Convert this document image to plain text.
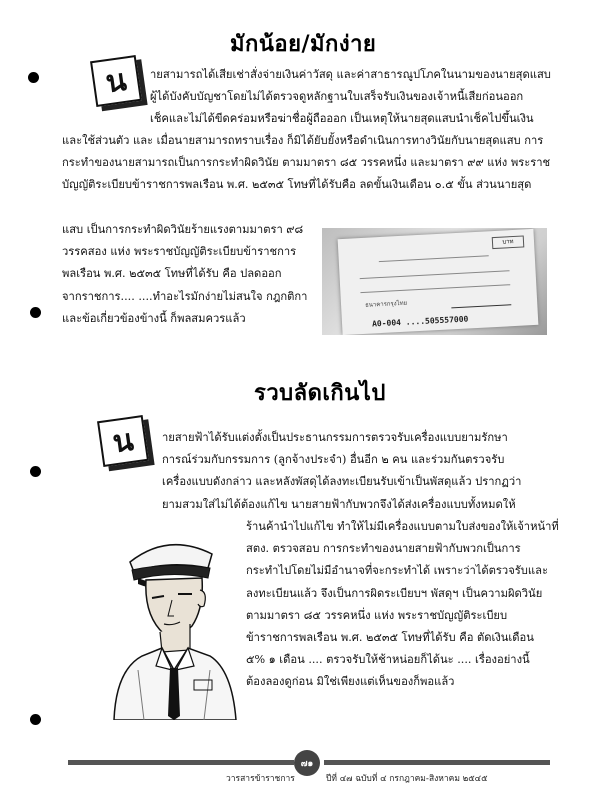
มักน้อย/มักง่าย
น	ายสามารถได้เสียเช่าสั่งจ่ายเงินค่าวัสดุ และค่าสาธารณูปโภคในนามของนายสุดแสบ
ผู้ได้บังคับบัญชาโดยไม่ได้ตรวจดูหลักฐานใบเสร็จรับเงินของเจ้าหนี้เสียก่อนออก
เช็คและไม่ได้ขีดคร่อมหรือฆ่าชื่อผู้ถือออก เป็นเหตุให้นายสุดแสบนำเช็คไปขึ้นเงิน
และใช้ส่วนตัว และ เมื่อนายสามารถทราบเรื่อง ก็มิได้ยับยั้งหรือดำเนินการทางวินัยกับนายสุดแสบ การ
กระทำของนายสามารถเป็นการกระทำผิดวินัย ตามมาตรา ๘๕ วรรคหนึ่ง และมาตรา ๙๙ แห่ง พระราช
บัญญัติระเบียบข้าราชการพลเรือน พ.ศ. ๒๕๓๕ โทษที่ได้รับคือ ลดขั้นเงินเดือน ๐.๕ ขั้น ส่วนนายสุด
แสบ เป็นการกระทำผิดวินัยร้ายแรงตามมาตรา ๙๘
วรรคสอง แห่ง พระราชบัญญัติระเบียบข้าราชการ
พลเรือน พ.ศ. ๒๕๓๕ โทษที่ได้รับ คือ ปลดออก
จากราชการ.... ....ทำอะไรมักง่ายไม่สนใจ กฎกติกา
และข้อเกี่ยวข้องข้างนี้ ก็พลสมควรแล้ว
บาท
ธนาคารกรุงไทย
A0-004 ....505557000
รวบลัดเกินไป
น	ายสายฟ้าได้รับแต่งตั้งเป็นประธานกรรมการตรวจรับเครื่องแบบยามรักษา
การณ์ร่วมกับกรรมการ (ลูกจ้างประจำ) อื่นอีก ๒ คน และร่วมกันตรวจรับ
เครื่องแบบดังกล่าว และหลังพัสดุได้ลงทะเบียนรับเข้าเป็นพัสดุแล้ว ปรากฏว่า
ยามสวมใส่ไม่ได้ต้องแก้ไข นายสายฟ้ากับพวกจึงได้ส่งเครื่องแบบทั้งหมดให้
ร้านค้านำไปแก้ไข ทำให้ไม่มีเครื่องแบบตามใบส่งของให้เจ้าหน้าที่
สตง. ตรวจสอบ การกระทำของนายสายฟ้ากับพวกเป็นการ
กระทำไปโดยไม่มีอำนาจที่จะกระทำได้ เพราะว่าได้ตรวจรับและ
ลงทะเบียนแล้ว จึงเป็นการผิดระเบียบฯ พัสดุฯ เป็นความผิดวินัย
ตามมาตรา ๘๕ วรรคหนึ่ง แห่ง พระราชบัญญัติระเบียบ
ข้าราชการพลเรือน พ.ศ. ๒๕๓๕ โทษที่ได้รับ คือ ตัดเงินเดือน
๕% ๑ เดือน .... ตรวจรับให้ช้าหน่อยก็ได้นะ .... เรื่องอย่างนี้
ต้องลองดูก่อน มิใช่เพียงแต่เห็นของก็พอแล้ว
๗๑
วารสารข้าราชการ	ปีที่ ๔๗ ฉบับที่ ๔ กรกฎาคม-สิงหาคม ๒๕๔๕
